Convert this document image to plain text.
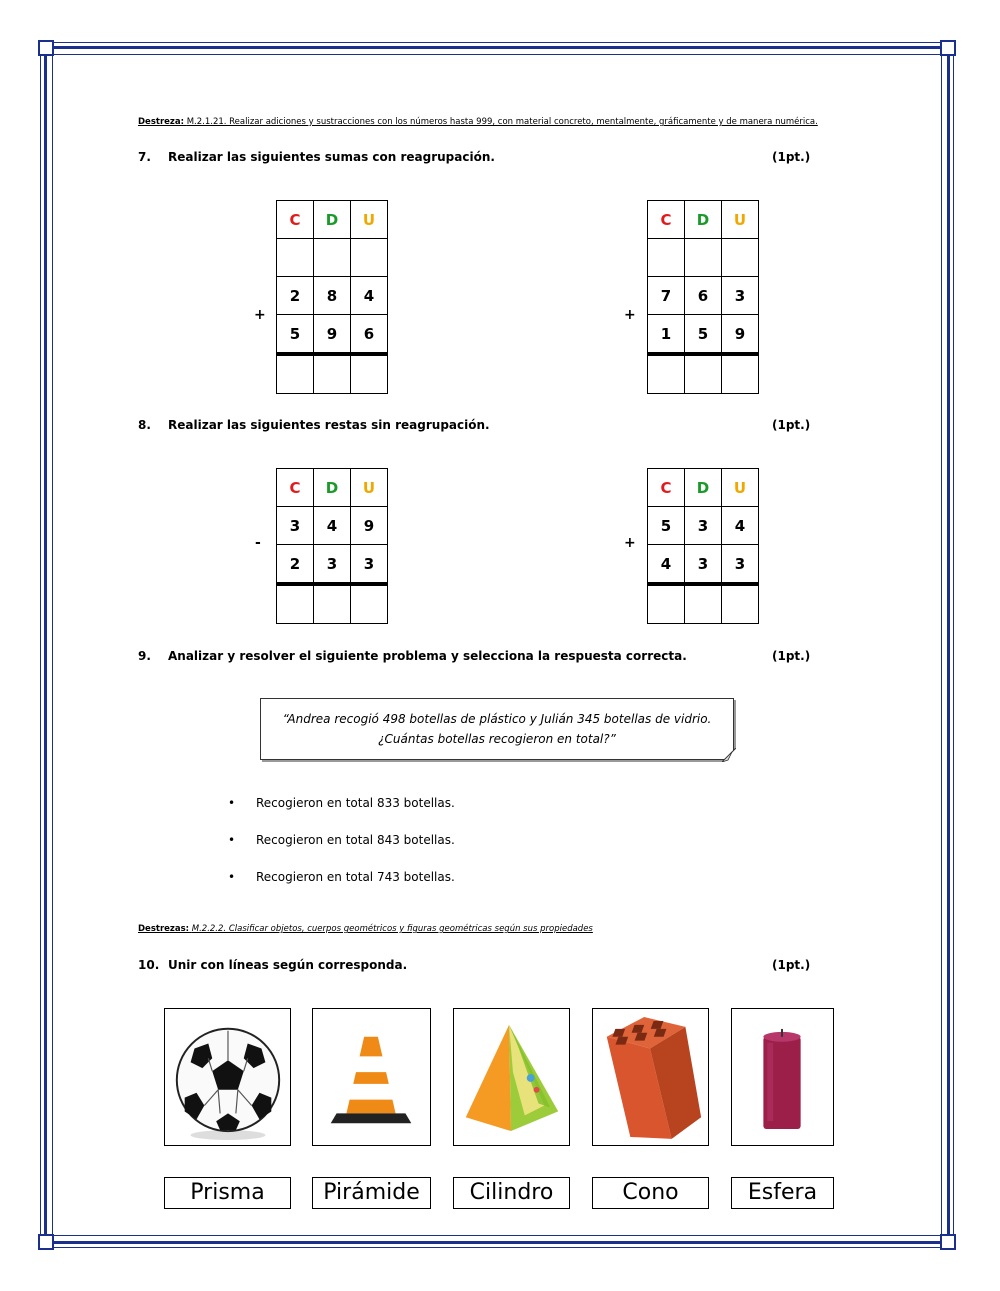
Destreza: M.2.1.21. Realizar adiciones y sustracciones con los números hasta 999, con material concreto, mentalmente, gráficamente y de manera numérica.
7. Realizar las siguientes sumas con reagrupación.	(1pt.)
+
C	D	U

2	8	4
5	9	6

+
C	D	U

7	6	3
1	5	9

8. Realizar las siguientes restas sin reagrupación.	(1pt.)
-
C	D	U
3	4	9
2	3	3

+
C	D	U
5	3	4
4	3	3

9. Analizar y resolver el siguiente problema y selecciona la respuesta correcta.	(1pt.)
“Andrea recogió 498 botellas de plástico y Julián 345 botellas de vidrio.
¿Cuántas botellas recogieron en total?”
• Recogieron en total 833 botellas.
• Recogieron en total 843 botellas.
• Recogieron en total 743 botellas.
Destrezas: M.2.2.2. Clasificar objetos, cuerpos geométricos y figuras geométricas según sus propiedades
10. Unir con líneas según corresponda.	(1pt.)
Prisma	Pirámide	Cilindro	Cono	Esfera
